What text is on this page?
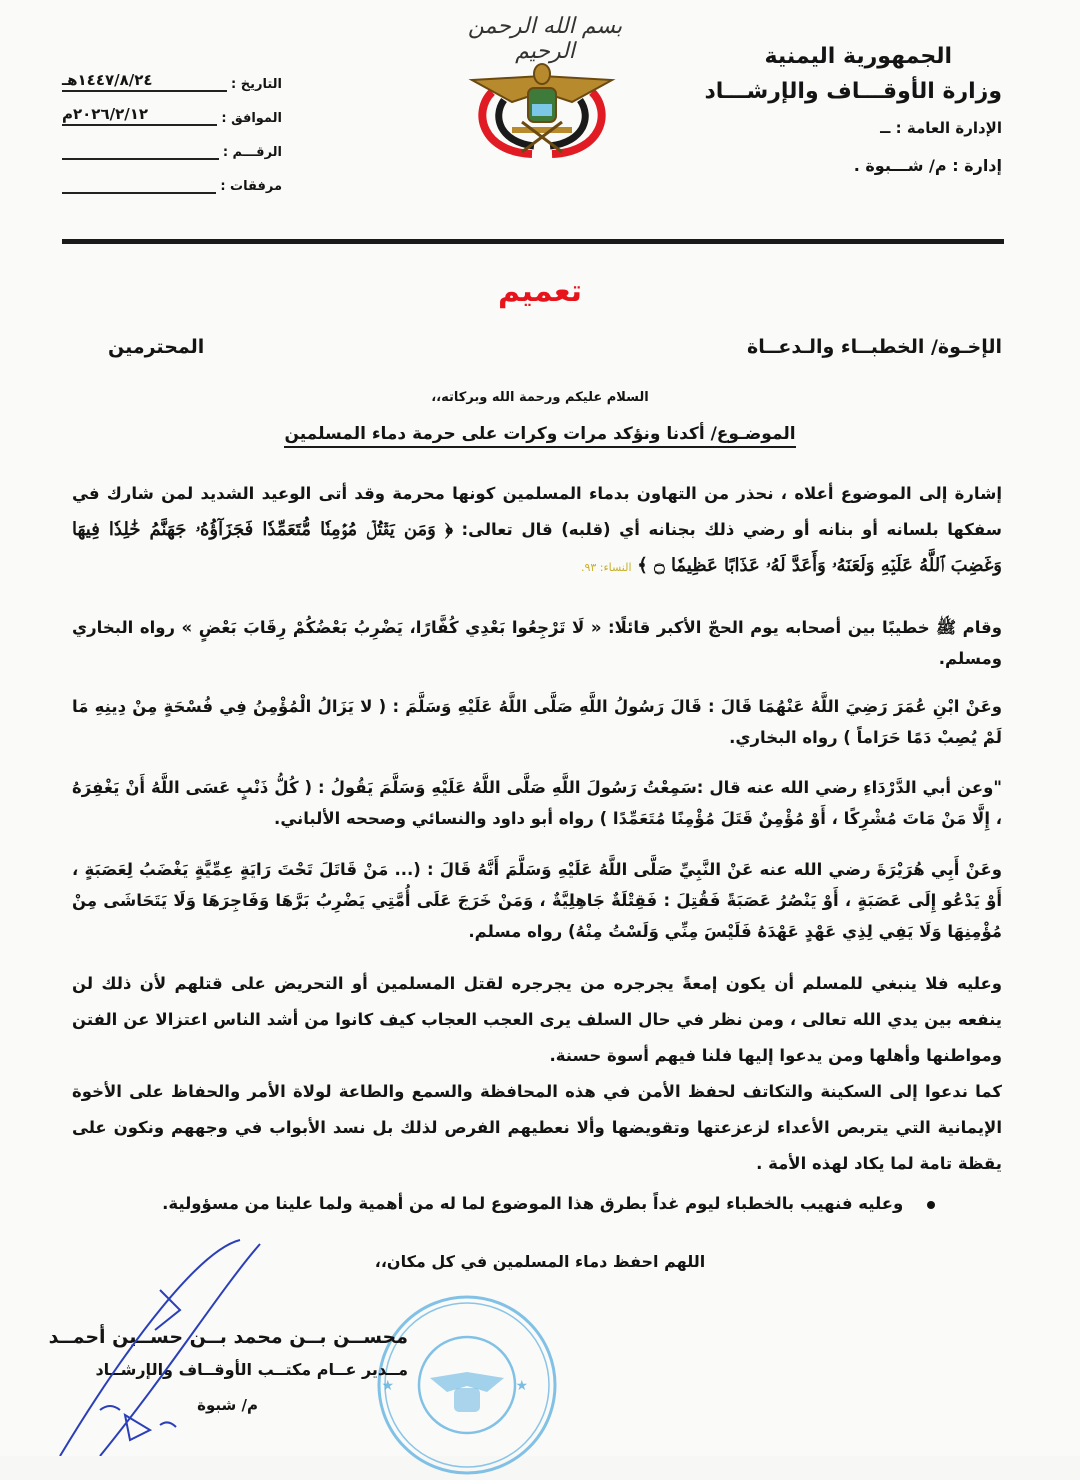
الجمهورية اليمنية
وزارة الأوقـــاف والإرشـــاد
الإدارة العامة : ــ
إدارة : م/ شـــبوة .
بسم الله الرحمن الرحيم
التاريخ :
١٤٤٧/٨/٢٤هـ
الموافق :
٢٠٢٦/٢/١٢م
الرقـــم :
مرفقات :
تعميم
الإخـوة/ الخطبــاء والـدعــاة
المحترمين
السلام عليكم ورحمة الله وبركاته،،
الموضـوع/ أكدنا ونؤكد مرات وكرات على حرمة دماء المسلمين
إشارة إلى الموضوع أعلاه ، نحذر من التهاون بدماء المسلمين كونها محرمة وقد أتى الوعيد الشديد لمن شارك في سفكها بلسانه أو بنانه أو رضي ذلك بجنانه أي (قلبه) قال تعالى: ﴿ وَمَن يَقۡتُلۡ مُؤۡمِنٗا مُّتَعَمِّدٗا فَجَزَآؤُهُۥ جَهَنَّمُ خَٰلِدٗا فِيهَا وَغَضِبَ ٱللَّهُ عَلَيۡهِ وَلَعَنَهُۥ وَأَعَدَّ لَهُۥ عَذَابًا عَظِيمٗا ۝ ﴾ النساء: ٩٣.
وقام ﷺ خطيبًا بين أصحابه يوم الحجّ الأكبر قائلًا: « لَا تَرْجِعُوا بَعْدِي كُفَّارًا، يَضْرِبُ بَعْضُكُمْ رِقَابَ بَعْضٍ » رواه البخاري ومسلم.
وعَنْ ابْنِ عُمَرَ رَضِيَ اللَّهُ عَنْهُمَا قَالَ : قَالَ رَسُولُ اللَّهِ صَلَّى اللَّهُ عَلَيْهِ وَسَلَّمَ : ( لا يَزَالُ الْمُؤْمِنُ فِي فُسْحَةٍ مِنْ دِينِهِ مَا لَمْ يُصِبْ دَمًا حَرَاماً ) رواه البخاري.
"وعن أبي الدَّرْدَاءِ رضي الله عنه قال :سَمِعْتُ رَسُولَ اللَّهِ صَلَّى اللَّهُ عَلَيْهِ وَسَلَّمَ يَقُولُ : ( كُلُّ ذَنْبٍ عَسَى اللَّهُ أَنْ يَغْفِرَهُ ، إِلَّا مَنْ مَاتَ مُشْرِكًا ، أَوْ مُؤْمِنٌ قَتَلَ مُؤْمِنًا مُتَعَمِّدًا ) رواه أبو داود والنسائي وصححه الألباني.
وعَنْ أَبِي هُرَيْرَةَ رضي الله عنه عَنْ النَّبِيِّ صَلَّى اللَّهُ عَلَيْهِ وَسَلَّمَ أَنَّهُ قَالَ : (... مَنْ قَاتَلَ تَحْتَ رَايَةٍ عِمِّيَّةٍ يَغْضَبُ لِعَصَبَةٍ ، أَوْ يَدْعُو إِلَى عَصَبَةٍ ، أَوْ يَنْصُرُ عَصَبَةً فَقُتِلَ : فَقِتْلَةٌ جَاهِلِيَّةٌ ، وَمَنْ خَرَجَ عَلَى أُمَّتِي يَضْرِبُ بَرَّهَا وَفَاجِرَهَا وَلَا يَتَحَاشَى مِنْ مُؤْمِنِهَا وَلَا يَفِي لِذِي عَهْدٍ عَهْدَهُ فَلَيْسَ مِنِّي وَلَسْتُ مِنْهُ) رواه مسلم.
وعليه فلا ينبغي للمسلم أن يكون إمعةً يجرجره من يجرجره لقتل المسلمين أو التحريض على قتلهم لأن ذلك لن ينفعه بين يدي الله تعالى ، ومن نظر في حال السلف يرى العجب العجاب كيف كانوا من أشد الناس اعتزالا عن الفتن ومواطنها وأهلها ومن يدعوا إليها فلنا فيهم أسوة حسنة.
كما ندعوا إلى السكينة والتكاتف لحفظ الأمن في هذه المحافظة والسمع والطاعة لولاة الأمر والحفاظ على الأخوة الإيمانية التي يتربص الأعداء لزعزعتها وتقويضها وألا نعطيهم الفرص لذلك بل نسد الأبواب في وجههم ونكون على يقظة تامة لما يكاد لهذه الأمة .
وعليه فنهيب بالخطباء ليوم غداً بطرق هذا الموضوع لما له من أهمية ولما علينا من مسؤولية.
اللهم احفظ دماء المسلمين في كل مكان،،
★	★
محســن بــن محمد بــن حســين أحمــد
مــدير عــام مكتــب الأوقــاف والإرشــاد
م/ شبوة
